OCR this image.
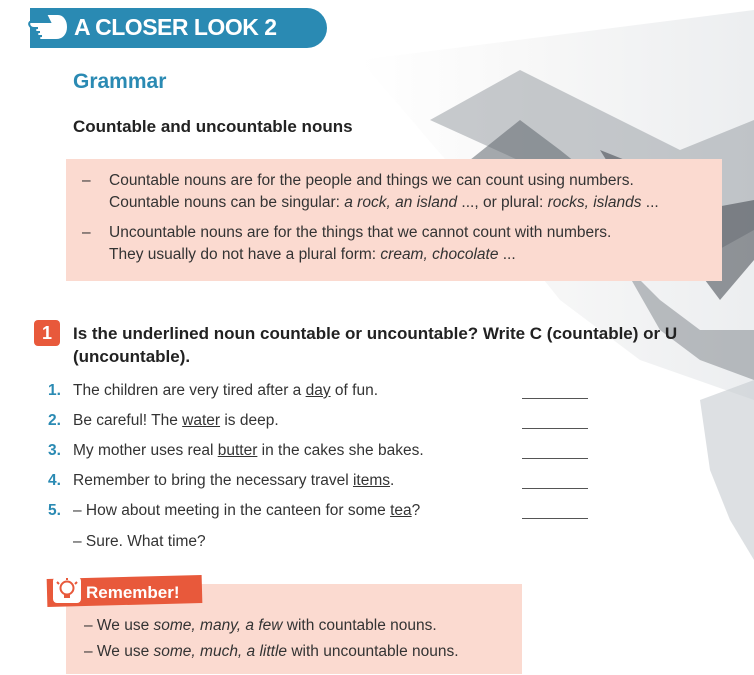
A CLOSER LOOK 2
Grammar
Countable and uncountable nouns
– Countable nouns are for the people and things we can count using numbers.
Countable nouns can be singular: a rock, an island ..., or plural: rocks, islands ...
– Uncountable nouns are for the things that we cannot count with numbers.
They usually do not have a plural form: cream, chocolate ...
1	Is the underlined noun countable or uncountable? Write C (countable) or U (uncountable).
1. The children are very tired after a day of fun.
2. Be careful! The water is deep.
3. My mother uses real butter in the cakes she bakes.
4. Remember to bring the necessary travel items.
5. – How about meeting in the canteen for some tea?
– Sure. What time?
Remember!
– We use some, many, a few with countable nouns.
– We use some, much, a little with uncountable nouns.
